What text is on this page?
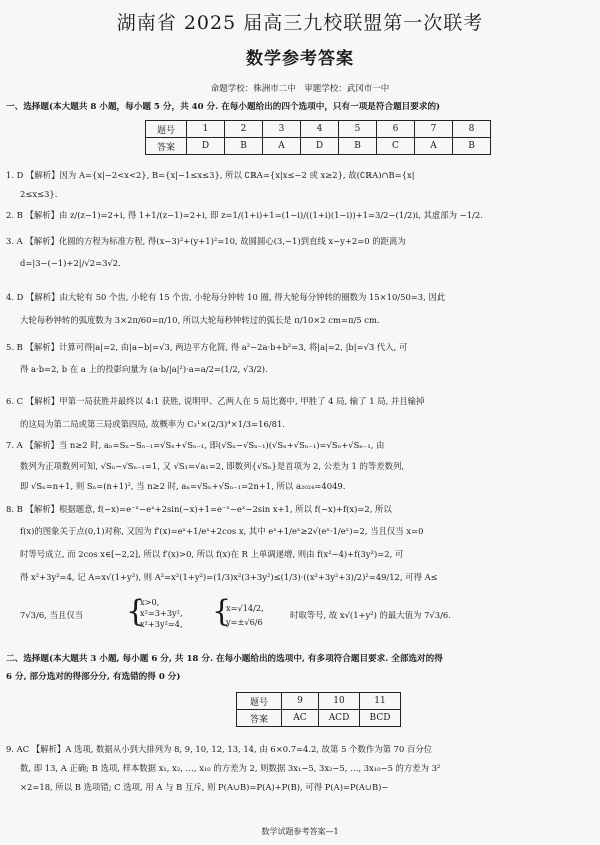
湖南省 2025 届高三九校联盟第一次联考
数学参考答案
命题学校：株洲市二中　审题学校：武冈市一中
一、选择题(本大题共 8 小题，每小题 5 分，共 40 分. 在每小题给出的四个选项中，只有一项是符合题目要求的)
题号	1	2	3	4	5	6	7	8
答案	D	B	A	D	B	C	A	B
1. D 【解析】因为 A={x|−2<x<2}, B={x|−1≤x≤3}, 所以 ∁ℝA={x|x≤−2 或 x≥2}, 故(∁ℝA)∩B={x|
2≤x≤3}.
2. B 【解析】由 z/(z−1)=2+i, 得 1+1/(z−1)=2+i, 即 z=1/(1+i)+1=(1−i)/((1+i)(1−i))+1=3/2−(1/2)i, 其虚部为 −1/2.
3. A 【解析】化圆的方程为标准方程, 得(x−3)²+(y+1)²=10, 故圆圆心(3,−1)到直线 x−y+2=0 的距离为
d=|3−(−1)+2|/√2=3√2.
4. D 【解析】由大轮有 50 个齿, 小轮有 15 个齿, 小轮每分钟转 10 圈, 得大轮每分钟转的圈数为 15×10/50=3, 因此
大轮每秒钟转的弧度数为 3×2π/60=π/10, 所以大轮每秒钟转过的弧长是 π/10×2 cm=π/5 cm.
5. B 【解析】计算可得|a|=2, 由|a−b|=√3, 两边平方化简, 得 a²−2a·b+b²=3, 将|a|=2, |b|=√3 代入, 可
得 a·b=2, b 在 a 上的投影向量为 (a·b/|a|²)·a=a/2=(1/2, √3/2).
6. C 【解析】甲第一局获胜并最终以 4:1 获胜, 说明甲、乙两人在 5 局比赛中, 甲胜了 4 局, 输了 1 局, 并且输掉
的这局为第二局或第三局或第四局, 故概率为 C₃¹×(2/3)⁴×1/3=16/81.
7. A 【解析】当 n≥2 时, aₙ=Sₙ−Sₙ₋₁=√Sₙ+√Sₙ₋₁, 即(√Sₙ−√Sₙ₋₁)(√Sₙ+√Sₙ₋₁)=√Sₙ+√Sₙ₋₁, 由
数列为正项数列可知, √Sₙ−√Sₙ₋₁=1, 又 √S₁=√a₁=2, 即数列{√Sₙ}是首项为 2, 公差为 1 的等差数列,
即 √Sₙ=n+1, 则 Sₙ=(n+1)², 当 n≥2 时, aₙ=√Sₙ+√Sₙ₋₁=2n+1, 所以 a₂₀₂₄=4049.
8. B 【解析】根据题意, f(−x)=e⁻ˣ−eˣ+2sin(−x)+1=e⁻ˣ−eˣ−2sin x+1, 所以 f(−x)+f(x)=2, 所以
f(x)的图象关于点(0,1)对称, 又因为 f′(x)=eˣ+1/eˣ+2cos x, 其中 eˣ+1/eˣ≥2√(eˣ·1/eˣ)=2, 当且仅当 x=0
时等号成立, 而 2cos x∈[−2,2], 所以 f′(x)>0, 所以 f(x)在 R 上单调递增, 则由 f(x²−4)+f(3y²)=2, 可
得 x²+3y²=4, 记 A=x√(1+y²), 则 A²=x²(1+y²)=(1/3)x²(3+3y²)≤(1/3)·((x²+3y²+3)/2)²=49/12, 可得 A≤
7√3/6, 当且仅当 {
x>0,
x²=3+3y²,
x²+3y²=4, {
x=√14/2,
y=±√6/6
时取等号, 故 x√(1+y²) 的最大值为 7√3/6.
二、选择题(本大题共 3 小题, 每小题 6 分, 共 18 分. 在每小题给出的选项中, 有多项符合题目要求. 全部选对的得
6 分, 部分选对的得部分分, 有选错的得 0 分)
题号	9	10	11
答案	AC	ACD	BCD
9. AC 【解析】A 选项, 数据从小到大排列为 8, 9, 10, 12, 13, 14, 由 6×0.7=4.2, 故第 5 个数作为第 70 百分位
数, 即 13, A 正确; B 选项, 样本数据 x₁, x₂, …, x₁₀ 的方差为 2, 则数据 3x₁−5, 3x₂−5, …, 3x₁₀−5 的方差为 3²
×2=18, 所以 B 选项错; C 选项, 用 A 与 B 互斥, 则 P(A∪B)=P(A)+P(B), 可得 P(A)=P(A∪B)−
数学试题参考答案—1
